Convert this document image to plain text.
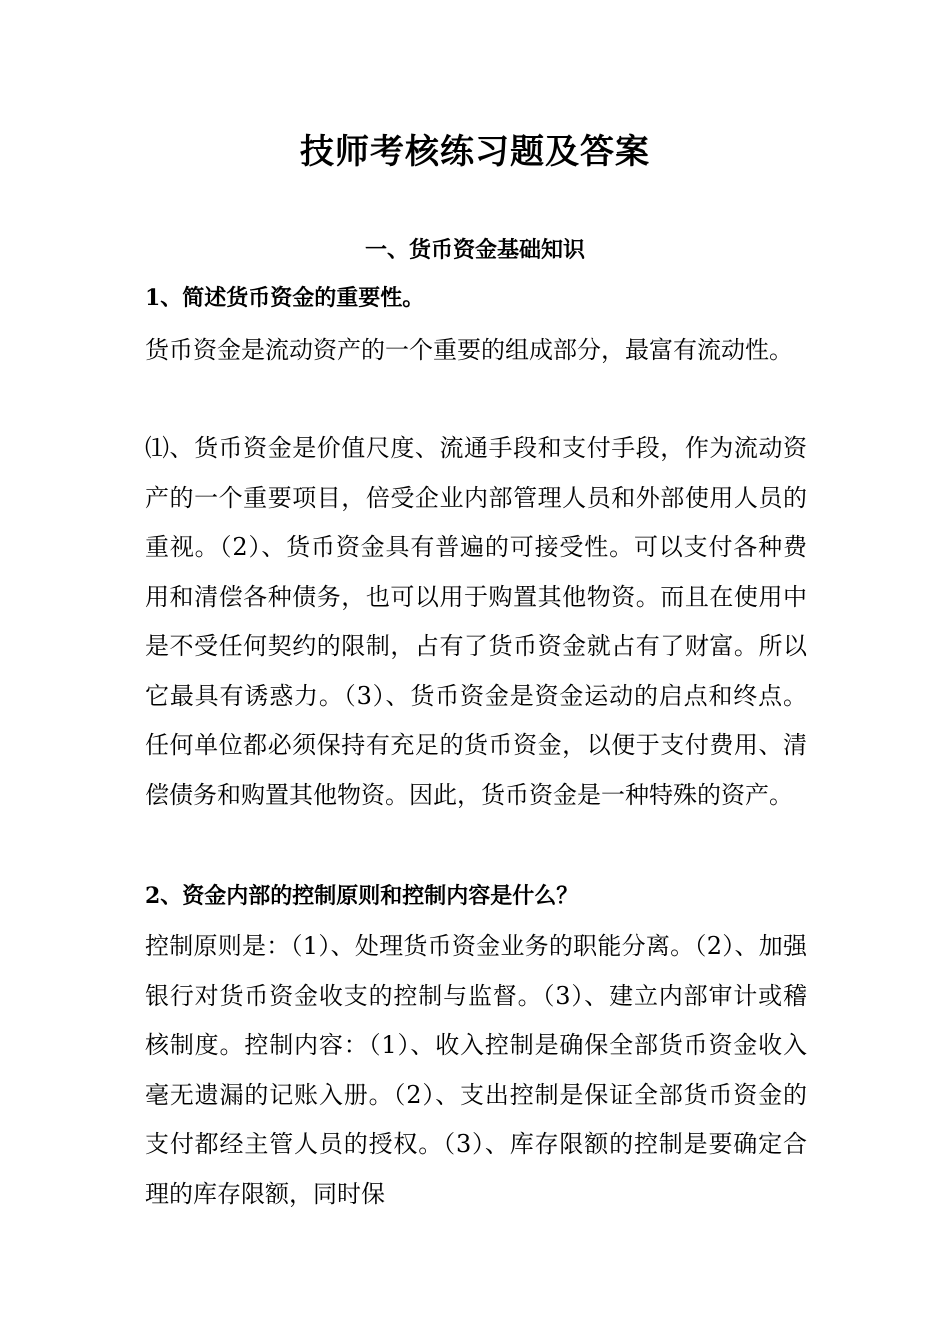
技师考核练习题及答案
一、货币资金基础知识
1、简述货币资金的重要性。
货币资金是流动资产的一个重要的组成部分，最富有流动性。
⑴、货币资金是价值尺度、流通手段和支付手段，作为流动资产的一个重要项目，倍受企业内部管理人员和外部使用人员的重视。（2）、货币资金具有普遍的可接受性。可以支付各种费用和清偿各种债务，也可以用于购置其他物资。而且在使用中是不受任何契约的限制，占有了货币资金就占有了财富。所以它最具有诱惑力。（3）、货币资金是资金运动的启点和终点。任何单位都必须保持有充足的货币资金，以便于支付费用、清偿债务和购置其他物资。因此，货币资金是一种特殊的资产。
2、资金内部的控制原则和控制内容是什么？
控制原则是：（1）、处理货币资金业务的职能分离。（2）、加强银行对货币资金收支的控制与监督。（3）、建立内部审计或稽核制度。控制内容：（1）、收入控制是确保全部货币资金收入毫无遗漏的记账入册。（2）、支出控制是保证全部货币资金的支付都经主管人员的授权。（3）、库存限额的控制是要确定合理的库存限额，同时保
